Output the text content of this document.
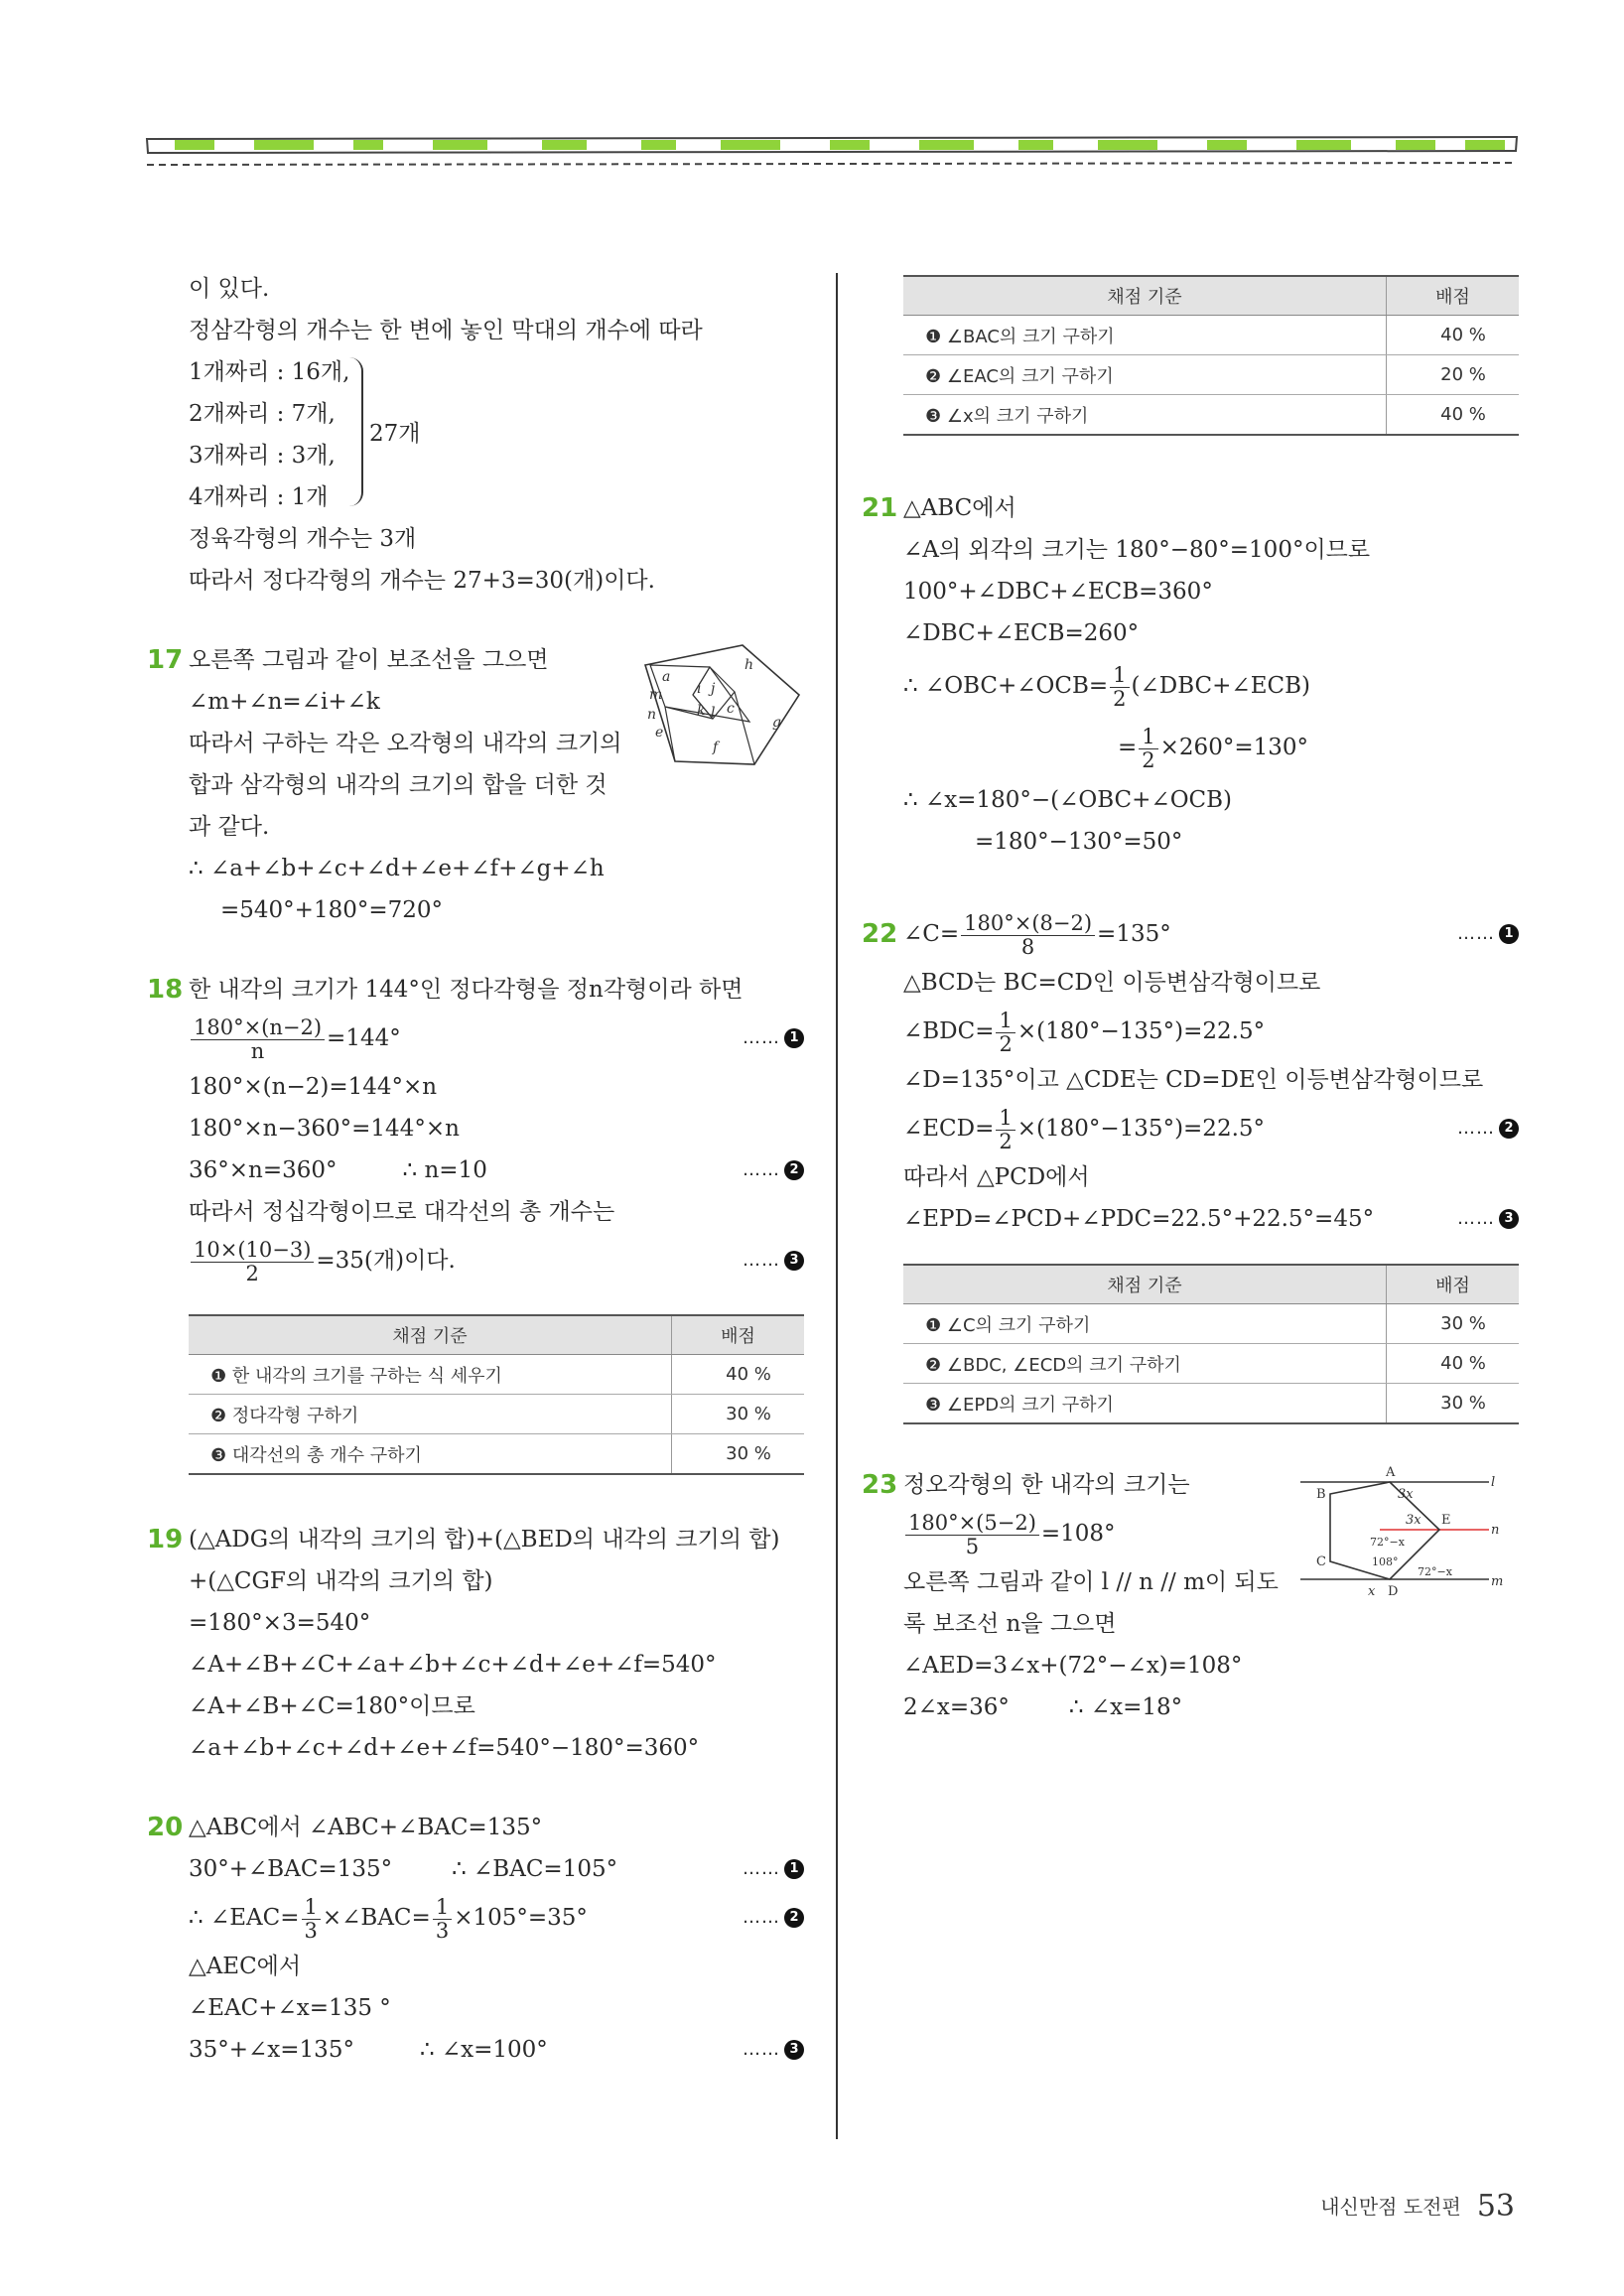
이 있다.
정삼각형의 개수는 한 변에 놓인 막대의 개수에 따라
1개짜리 : 16개,
2개짜리 : 7개,
3개짜리 : 3개,
4개짜리 : 1개
27개
정육각형의 개수는 3개
따라서 정다각형의 개수는 27+3=30(개)이다.
17 오른쪽 그림과 같이 보조선을 그으면
∠m+∠n=∠i+∠k
따라서 구하는 각은 오각형의 내각의 크기의
합과 삼각형의 내각의 크기의 합을 더한 것
과 같다.
∴ ∠a+∠b+∠c+∠d+∠e+∠f+∠g+∠h
=540°+180°=720°
a
h
m i j
c
n	k l
e
g
f
18 한 내각의 크기가 144°인 정다각형을 정n각형이라 하면
$\frac{180^\circ\times(n-2)}{n} =144^\circ$	…… 1
180°×(n−2)=144°×n
180°×n−360°=144°×n
36°×n=360°	∴ n=10	…… 2
따라서 정십각형이므로 대각선의 총 개수는
$\frac{10\times(10-3)}{2} =35$(개)이다.	…… 3
채점 기준	배점
❶ 한 내각의 크기를 구하는 식 세우기	40 %
❷ 정다각형 구하기	30 %
❸ 대각선의 총 개수 구하기	30 %
19 (△ADG의 내각의 크기의 합)+(△BED의 내각의 크기의 합)
+(△CGF의 내각의 크기의 합)
=180°×3=540°
∠A+∠B+∠C+∠a+∠b+∠c+∠d+∠e+∠f=540°
∠A+∠B+∠C=180°이므로
∠a+∠b+∠c+∠d+∠e+∠f=540°−180°=360°
20 △ABC에서 ∠ABC+∠BAC=135°
30°+∠BAC=135°	∴ ∠BAC=105°	…… 1
∴ ∠EAC= $\frac{1}{3}$ ×∠BAC= $\frac{1}{3} \times 105^\circ=35^\circ$	…… 2
△AEC에서
∠EAC+∠x=135 °
35°+∠x=135°	∴ ∠x=100°	…… 3
채점 기준	배점
❶ ∠BAC의 크기 구하기	40 %
❷ ∠EAC의 크기 구하기	20 %
❸ ∠x의 크기 구하기	40 %
21 △ABC에서
∠A의 외각의 크기는 180°−80°=100°이므로
100°+∠DBC+∠ECB=360°
∠DBC+∠ECB=260°
∴ ∠OBC+∠OCB= $\frac{1}{2}$ (∠DBC+∠ECB)
= $\frac{1}{2} \times 260^\circ=130^\circ$
∴ ∠x=180°−(∠OBC+∠OCB)
=180°−130°=50°
22 ∠C= $\frac{180^\circ\times(8-2)}{8} =135^\circ$	…… 1
△BCD는 BC=CD인 이등변삼각형이므로
∠BDC= $\frac{1}{2} \times(180^\circ-135^\circ)=22.5^\circ$
∠D=135°이고 △CDE는 CD=DE인 이등변삼각형이므로
∠ECD= $\frac{1}{2} \times(180^\circ-135^\circ)=22.5^\circ$	…… 2
따라서 △PCD에서
∠EPD=∠PCD+∠PDC=22.5°+22.5°=45°	…… 3
채점 기준	배점
❶ ∠C의 크기 구하기	30 %
❷ ∠BDC, ∠ECD의 크기 구하기	40 %
❸ ∠EPD의 크기 구하기	30 %
23 정오각형의 한 내각의 크기는
$\frac{180^\circ\times(5-2)}{5} =108^\circ$
오른쪽 그림과 같이 l // n // m이 되도
록 보조선 n을 그으면
∠AED=3∠x+(72°−∠x)=108°
2∠x=36°	∴ ∠x=18°
A
l
B	3x
3x E
n
72°−x
C	108°
72°−x
m
x D
내신만점 도전편 53
